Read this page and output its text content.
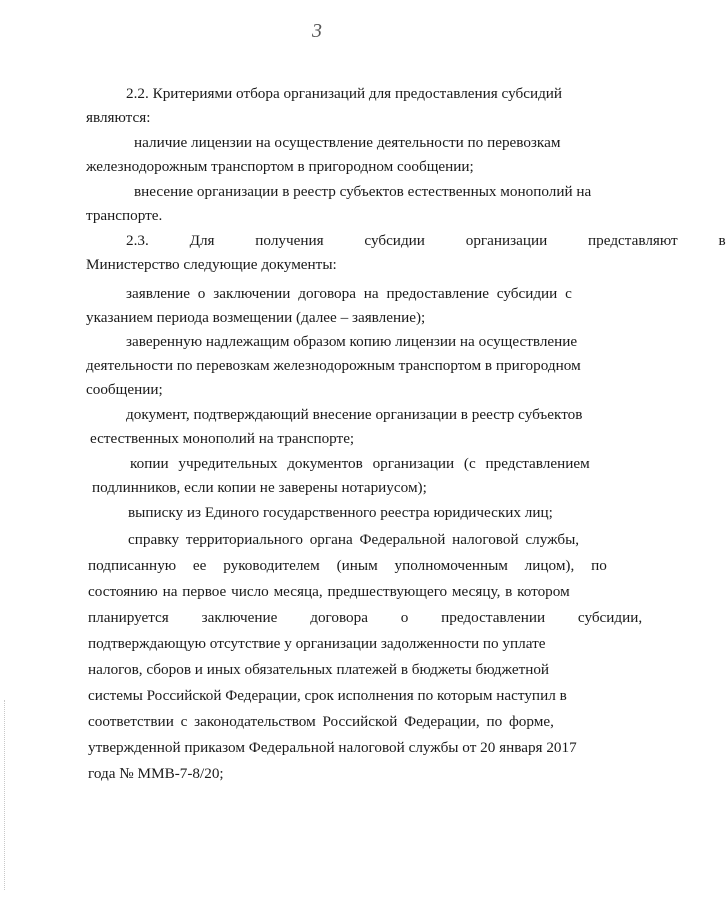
3
2.2. Критериями отбора организаций для предоставления субсидий
являются:
наличие лицензии на осуществление деятельности по перевозкам
железнодорожным транспортом в пригородном сообщении;
внесение организации в реестр субъектов естественных монополий на
транспорте.
2.3. Для получения субсидии организации представляют в
Министерство следующие документы:
заявление о заключении договора на предоставление субсидии с
указанием периода возмещении (далее – заявление);
заверенную надлежащим образом копию лицензии на осуществление
деятельности по перевозкам железнодорожным транспортом в пригородном
сообщении;
документ, подтверждающий внесение организации в реестр субъектов
естественных монополий на транспорте;
копии учредительных документов организации (с представлением
подлинников, если копии не заверены нотариусом);
выписку из Единого государственного реестра юридических лиц;
справку территориального органа Федеральной налоговой службы,
подписанную ее руководителем (иным уполномоченным лицом), по
состоянию на первое число месяца, предшествующего месяцу, в котором
планируется заключение договора о предоставлении субсидии,
подтверждающую отсутствие у организации задолженности по уплате
налогов, сборов и иных обязательных платежей в бюджеты бюджетной
системы Российской Федерации, срок исполнения по которым наступил в
соответствии с законодательством Российской Федерации, по форме,
утвержденной приказом Федеральной налоговой службы от 20 января 2017
года № ММВ-7-8/20;
